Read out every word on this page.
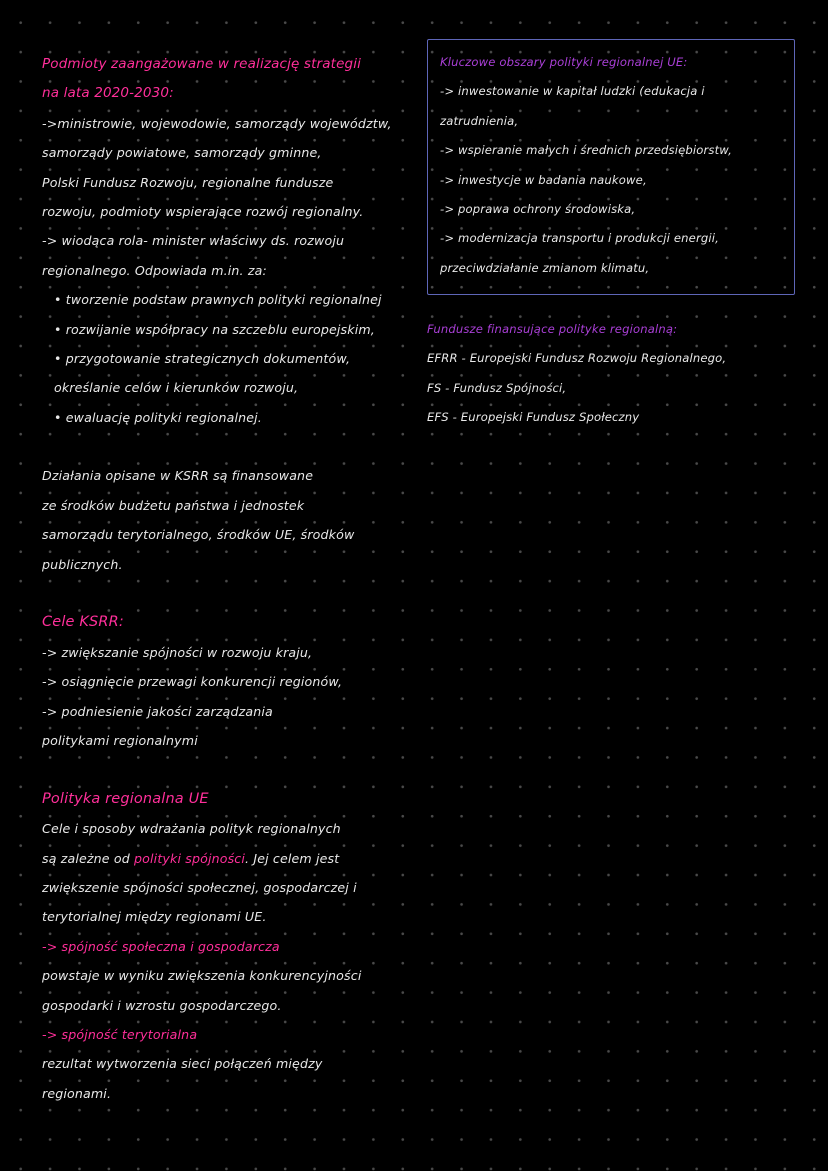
Podmioty zaangażowane w realizację strategii
na lata 2020-2030:
->ministrowie, wojewodowie, samorządy województw,
samorządy powiatowe, samorządy gminne,
Polski Fundusz Rozwoju, regionalne fundusze
rozwoju, podmioty wspierające rozwój regionalny.
-> wiodąca rola- minister właściwy ds. rozwoju
regionalnego. Odpowiada m.in. za:
• tworzenie podstaw prawnych polityki regionalnej
• rozwijanie współpracy na szczeblu europejskim,
• przygotowanie strategicznych dokumentów,
określanie celów i kierunków rozwoju,
• ewaluację polityki regionalnej.
Działania opisane w KSRR są finansowane
ze środków budżetu państwa i jednostek
samorządu terytorialnego, środków UE, środków
publicznych.
Cele KSRR:
-> zwiększanie spójności w rozwoju kraju,
-> osiągnięcie przewagi konkurencji regionów,
-> podniesienie jakości zarządzania
politykami regionalnymi
Polityka regionalna UE
Cele i sposoby wdrażania polityk regionalnych
są zależne od polityki spójności. Jej celem jest
zwiększenie spójności społecznej, gospodarczej i
terytorialnej między regionami UE.
-> spójność społeczna i gospodarcza
powstaje w wyniku zwiększenia konkurencyjności
gospodarki i wzrostu gospodarczego.
-> spójność terytorialna
rezultat wytworzenia sieci połączeń między
regionami.
Kluczowe obszary polityki regionalnej UE:
-> inwestowanie w kapitał ludzki (edukacja i
zatrudnienia,
-> wspieranie małych i średnich przedsiębiorstw,
-> inwestycje w badania naukowe,
-> poprawa ochrony środowiska,
-> modernizacja transportu i produkcji energii,
przeciwdziałanie zmianom klimatu,
Fundusze finansujące polityke regionalną:
EFRR - Europejski Fundusz Rozwoju Regionalnego,
FS - Fundusz Spójności,
EFS - Europejski Fundusz Społeczny
